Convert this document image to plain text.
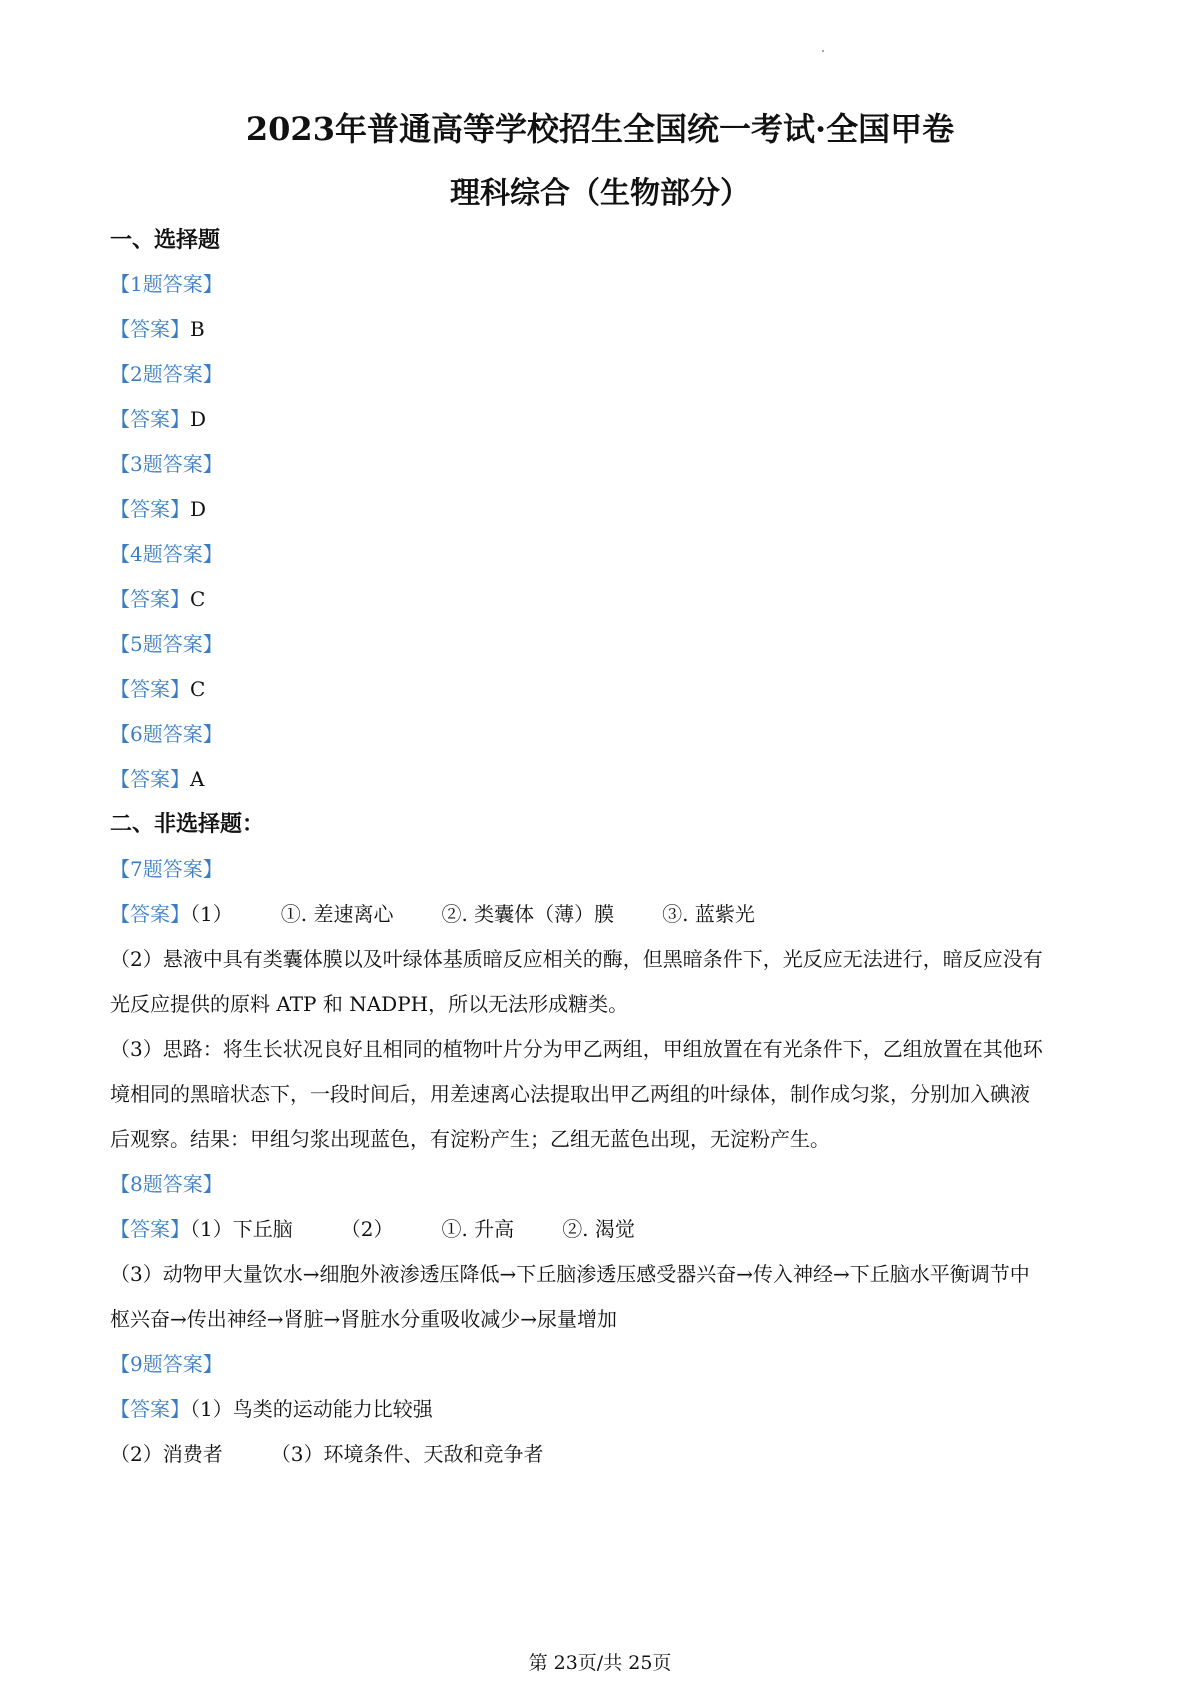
2023年普通高等学校招生全国统一考试·全国甲卷
理科综合（生物部分）
一、选择题
【1题答案】
【答案】B
【2题答案】
【答案】D
【3题答案】
【答案】D
【4题答案】
【答案】C
【5题答案】
【答案】C
【6题答案】
【答案】A
二、非选择题：
【7题答案】
【答案】（1） ①. 差速离心 ②. 类囊体（薄）膜 ③. 蓝紫光
（2）悬液中具有类囊体膜以及叶绿体基质暗反应相关的酶，但黑暗条件下，光反应无法进行，暗反应没有
光反应提供的原料 ATP 和 NADPH，所以无法形成糖类。
（3）思路：将生长状况良好且相同的植物叶片分为甲乙两组，甲组放置在有光条件下，乙组放置在其他环
境相同的黑暗状态下，一段时间后，用差速离心法提取出甲乙两组的叶绿体，制作成匀浆，分别加入碘液
后观察。结果：甲组匀浆出现蓝色，有淀粉产生；乙组无蓝色出现，无淀粉产生。
【8题答案】
【答案】（1）下丘脑 （2） ①. 升高 ②. 渴觉
（3）动物甲大量饮水→细胞外液渗透压降低→下丘脑渗透压感受器兴奋→传入神经→下丘脑水平衡调节中
枢兴奋→传出神经→肾脏→肾脏水分重吸收减少→尿量增加
【9题答案】
【答案】（1）鸟类的运动能力比较强
（2）消费者 （3）环境条件、天敌和竞争者
第 23页/共 25页
